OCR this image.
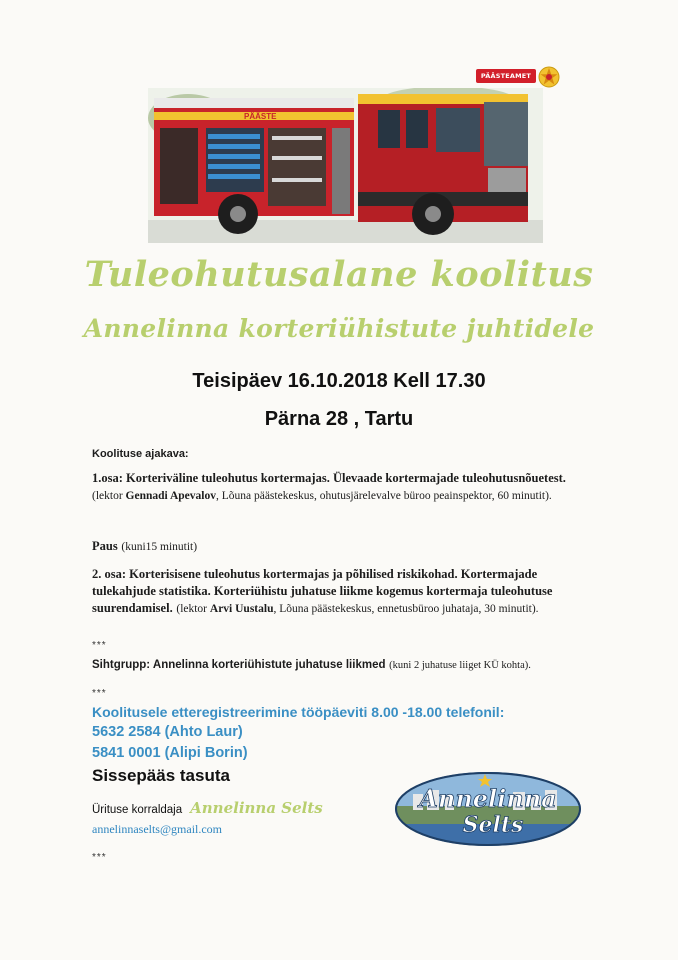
PÄÄSTEAMET
PÄÄSTE
Tuleohutusalane koolitus
Annelinna korteriühistute juhtidele
Teisipäev 16.10.2018 Kell 17.30
Pärna 28 , Tartu
Koolituse ajakava:
1.osa: Korteriväline tuleohutus kortermajas. Ülevaade kortermajade tuleohutusnõuetest. (lektor Gennadi Apevalov, Lõuna päästekeskus, ohutusjärelevalve büroo peainspektor, 60 minutit).
Paus (kuni15 minutit)
2. osa: Korterisisene tuleohutus kortermajas ja põhilised riskikohad. Kortermajade tulekahjude statistika. Korteriühistu juhatuse liikme kogemus kortermaja tuleohutuse suurendamisel. (lektor Arvi Uustalu, Lõuna päästekeskus, ennetusbüroo juhataja, 30 minutit).
***
Sihtgrupp: Annelinna korteriühistute juhatuse liikmed (kuni 2 juhatuse liiget KÜ kohta).
***
Koolitusele etteregistreerimine tööpäeviti 8.00 -18.00 telefonil:
5632 2584 (Ahto Laur)
5841 0001 (Alipi Borin)
Sissepääs tasuta
Ürituse korraldaja Annelinna Selts
annelinnaselts@gmail.com
***
Annelinna
Selts
